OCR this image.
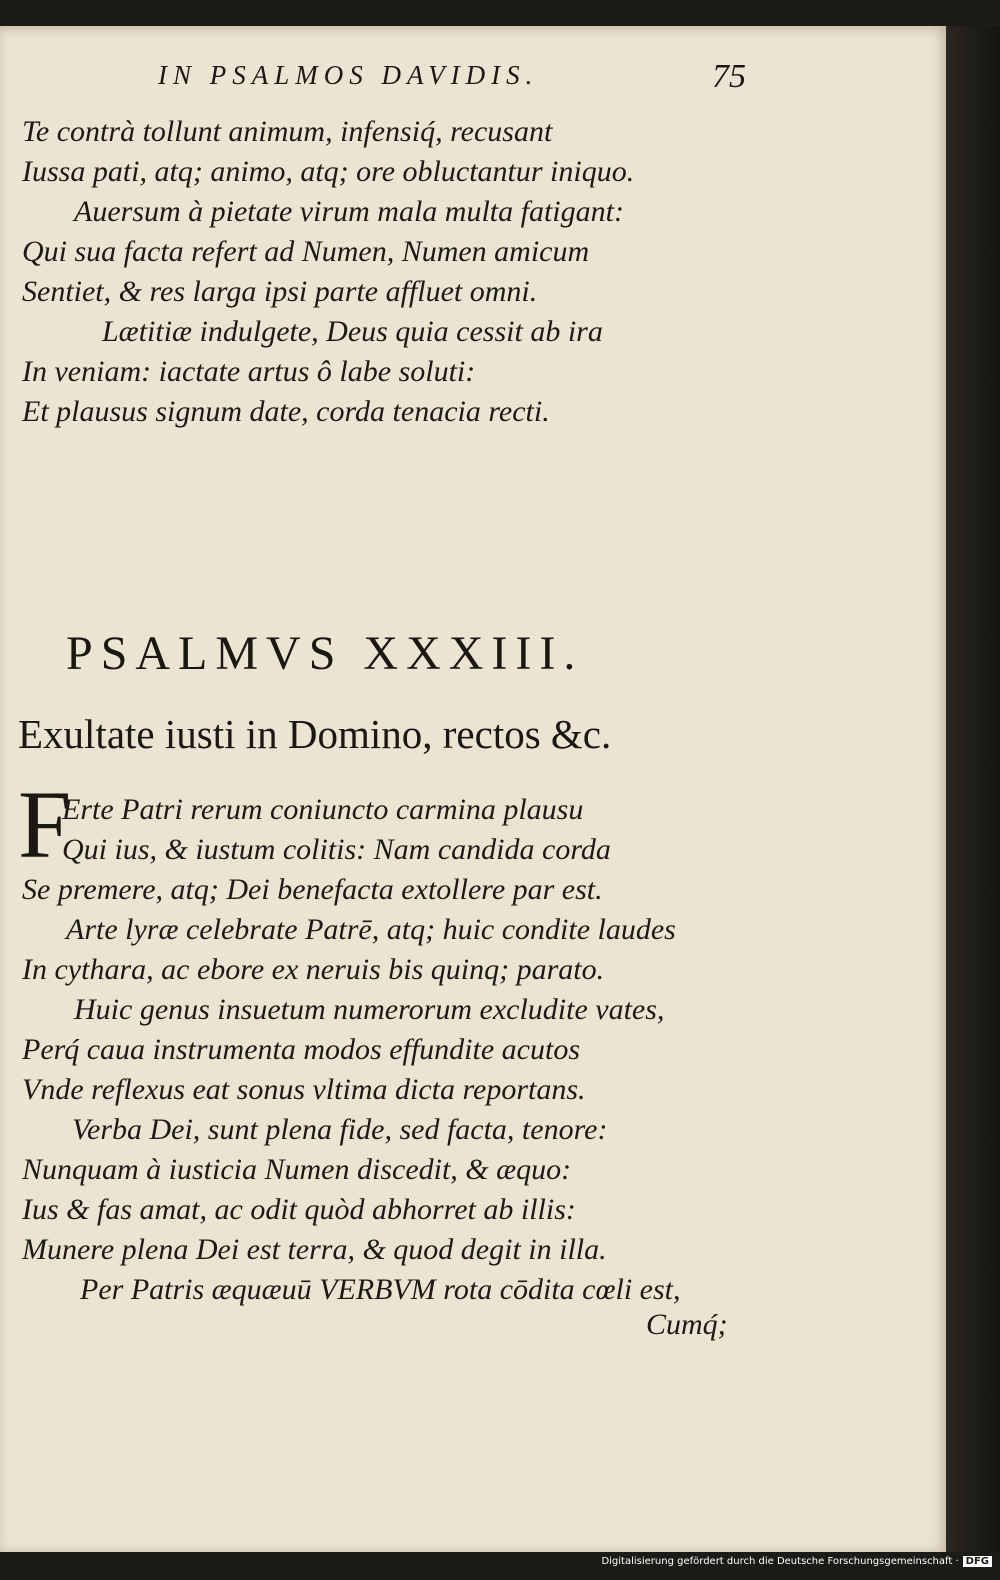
IN PSALMOS DAVIDIS.	75
Te contrà tollunt animum, infensiq́, recusant
Iussa pati, atq; animo, atq; ore obluctantur iniquo.
Auersum à pietate virum mala multa fatigant:
Qui sua facta refert ad Numen, Numen amicum
Sentiet, & res larga ipsi parte affluet omni.
Lætitiæ indulgete, Deus quia cessit ab ira
In veniam: iactate artus ô labe soluti:
Et plausus signum date, corda tenacia recti.
PSALMVS XXXIII.
Exultate iusti in Domino, rectos &c.
F
Erte Patri rerum coniuncto carmina plausu
Qui ius, & iustum colitis: Nam candida corda
Se premere, atq; Dei benefacta extollere par est.
Arte lyræ celebrate Patrē, atq; huic condite laudes
In cythara, ac ebore ex neruis bis quinq; parato.
Huic genus insuetum numerorum excludite vates,
Perq́ caua instrumenta modos effundite acutos
Vnde reflexus eat sonus vltima dicta reportans.
Verba Dei, sunt plena fide, sed facta, tenore:
Nunquam à iusticia Numen discedit, & æquo:
Ius & fas amat, ac odit quòd abhorret ab illis:
Munere plena Dei est terra, & quod degit in illa.
Per Patris æquæuū VERBVM rota cōdita cœli est,
Cumq́;
Digitalisierung gefördert durch die Deutsche Forschungsgemeinschaft · DFG
